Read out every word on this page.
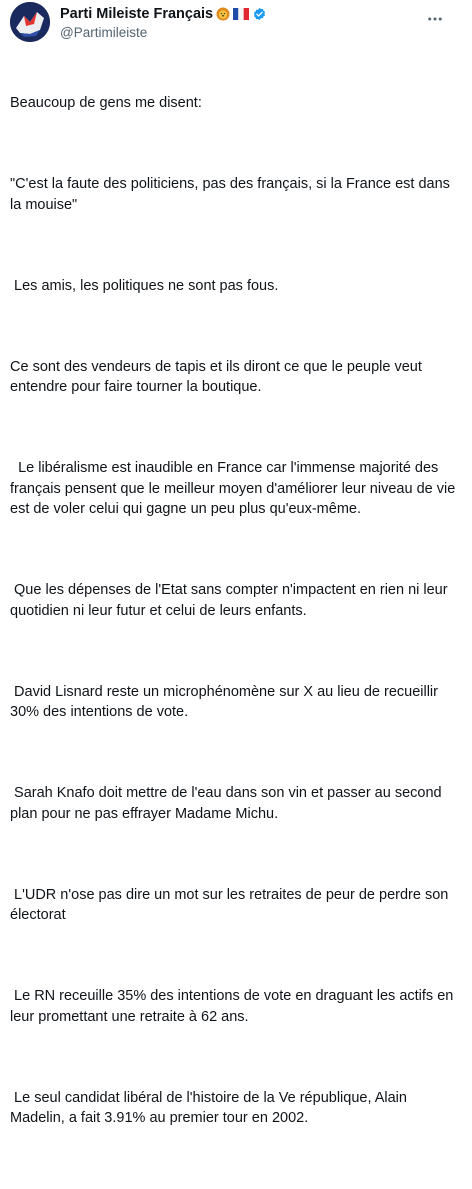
Parti Mileiste Français
@Partimileiste

Beaucoup de gens me disent:

"C'est la faute des politiciens, pas des français, si la France est dans la mouise"

Les amis, les politiques ne sont pas fous.

Ce sont des vendeurs de tapis et ils diront ce que le peuple veut entendre pour faire tourner la boutique.

Le libéralisme est inaudible en France car l'immense majorité des français pensent que le meilleur moyen d'améliorer leur niveau de vie est de voler celui qui gagne un peu plus qu'eux-même.

Que les dépenses de l'Etat sans compter n'impactent en rien ni leur quotidien ni leur futur et celui de leurs enfants.

David Lisnard reste un microphénomène sur X au lieu de recueillir 30% des intentions de vote.

Sarah Knafo doit mettre de l'eau dans son vin et passer au second plan pour ne pas effrayer Madame Michu.

L'UDR n'ose pas dire un mot sur les retraites de peur de perdre son électorat

Le RN receuille 35% des intentions de vote en draguant les actifs en leur promettant une retraite à 62 ans.

Le seul candidat libéral de l'histoire de la Ve république, Alain Madelin, a fait 3.91% au premier tour en 2002.
